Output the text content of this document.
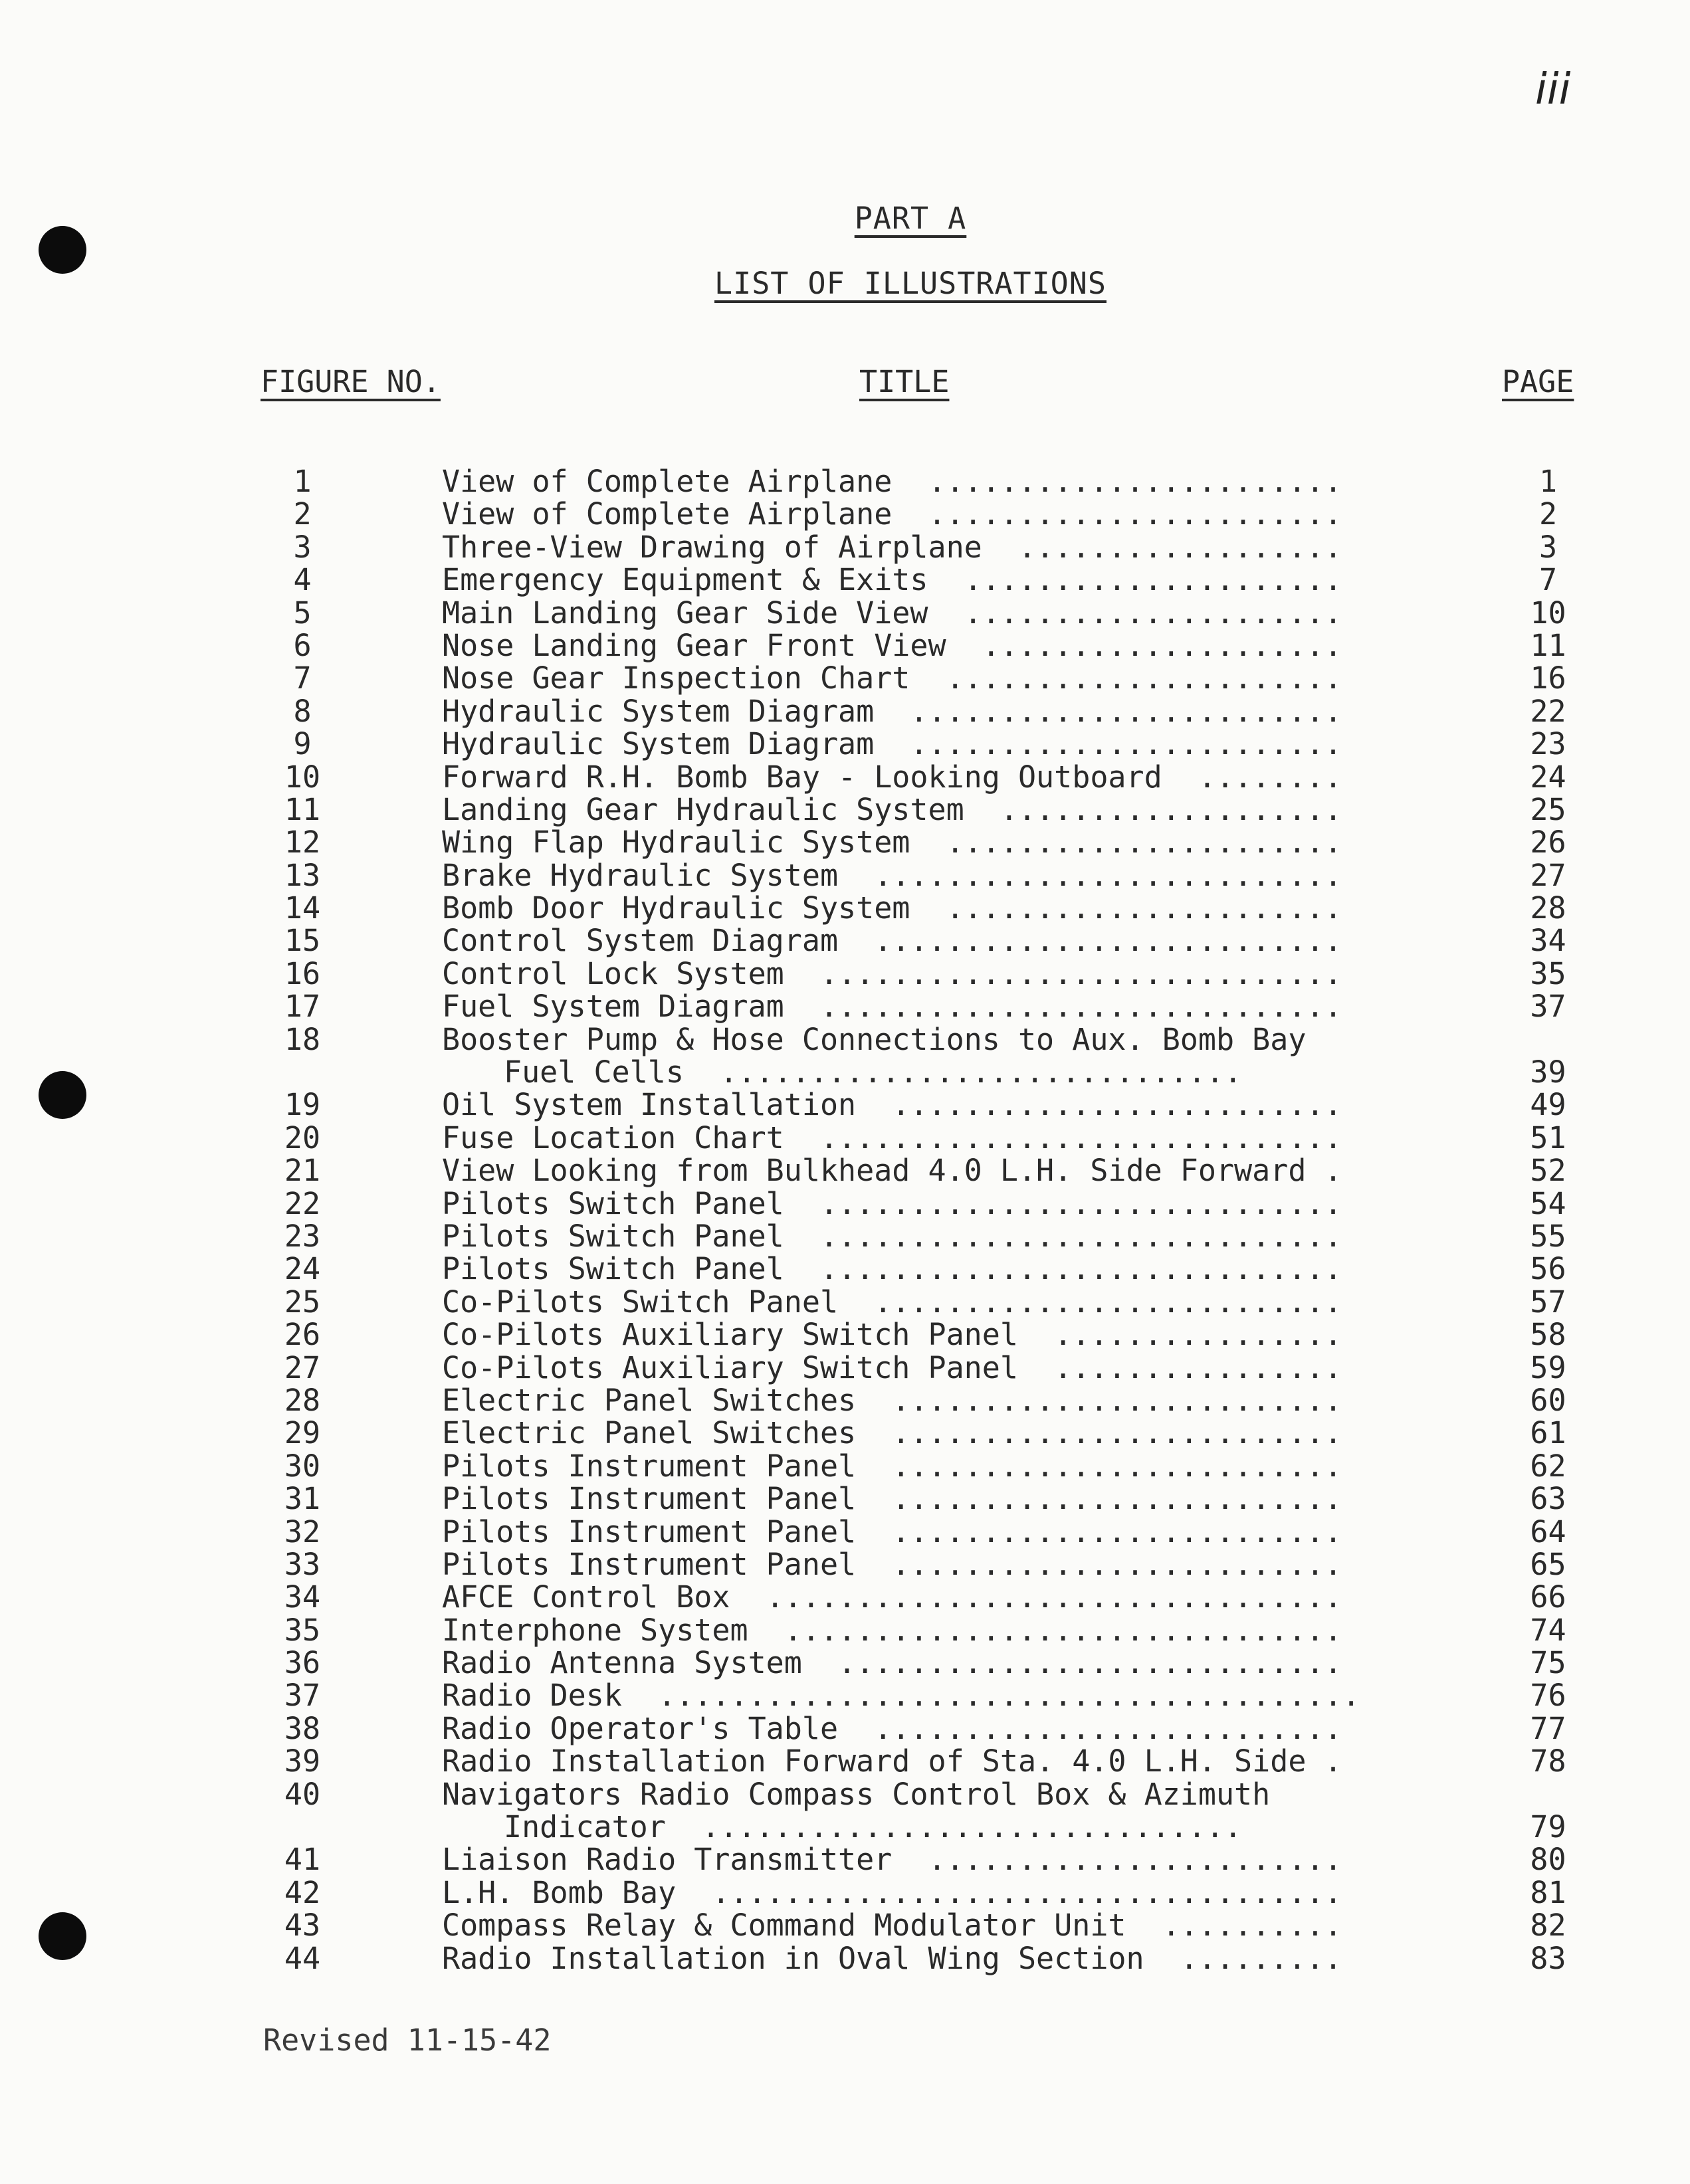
iii
PART A
LIST OF ILLUSTRATIONS
FIGURE NO.	TITLE	PAGE
1	View of Complete Airplane  .......................	1
2	View of Complete Airplane  .......................	2
3	Three-View Drawing of Airplane  ..................	3
4	Emergency Equipment & Exits  .....................	7
5	Main Landing Gear Side View  .....................	10
6	Nose Landing Gear Front View  ....................	11
7	Nose Gear Inspection Chart  ......................	16
8	Hydraulic System Diagram  ........................	22
9	Hydraulic System Diagram  ........................	23
10	Forward R.H. Bomb Bay - Looking Outboard  ........	24
11	Landing Gear Hydraulic System  ...................	25
12	Wing Flap Hydraulic System  ......................	26
13	Brake Hydraulic System  ..........................	27
14	Bomb Door Hydraulic System  ......................	28
15	Control System Diagram  ..........................	34
16	Control Lock System  .............................	35
17	Fuel System Diagram  .............................	37
18	Booster Pump & Hose Connections to Aux. Bomb Bay
Fuel Cells  .............................	39
19	Oil System Installation  .........................	49
20	Fuse Location Chart  .............................	51
21	View Looking from Bulkhead 4.0 L.H. Side Forward .	52
22	Pilots Switch Panel  .............................	54
23	Pilots Switch Panel  .............................	55
24	Pilots Switch Panel  .............................	56
25	Co-Pilots Switch Panel  ..........................	57
26	Co-Pilots Auxiliary Switch Panel  ................	58
27	Co-Pilots Auxiliary Switch Panel  ................	59
28	Electric Panel Switches  .........................	60
29	Electric Panel Switches  .........................	61
30	Pilots Instrument Panel  .........................	62
31	Pilots Instrument Panel  .........................	63
32	Pilots Instrument Panel  .........................	64
33	Pilots Instrument Panel  .........................	65
34	AFCE Control Box  ................................	66
35	Interphone System  ...............................	74
36	Radio Antenna System  ............................	75
37	Radio Desk  .......................................	76
38	Radio Operator's Table  ..........................	77
39	Radio Installation Forward of Sta. 4.0 L.H. Side .	78
40	Navigators Radio Compass Control Box & Azimuth
Indicator  ..............................	79
41	Liaison Radio Transmitter  .......................	80
42	L.H. Bomb Bay  ...................................	81
43	Compass Relay & Command Modulator Unit  ..........	82
44	Radio Installation in Oval Wing Section  .........	83
Revised 11-15-42
